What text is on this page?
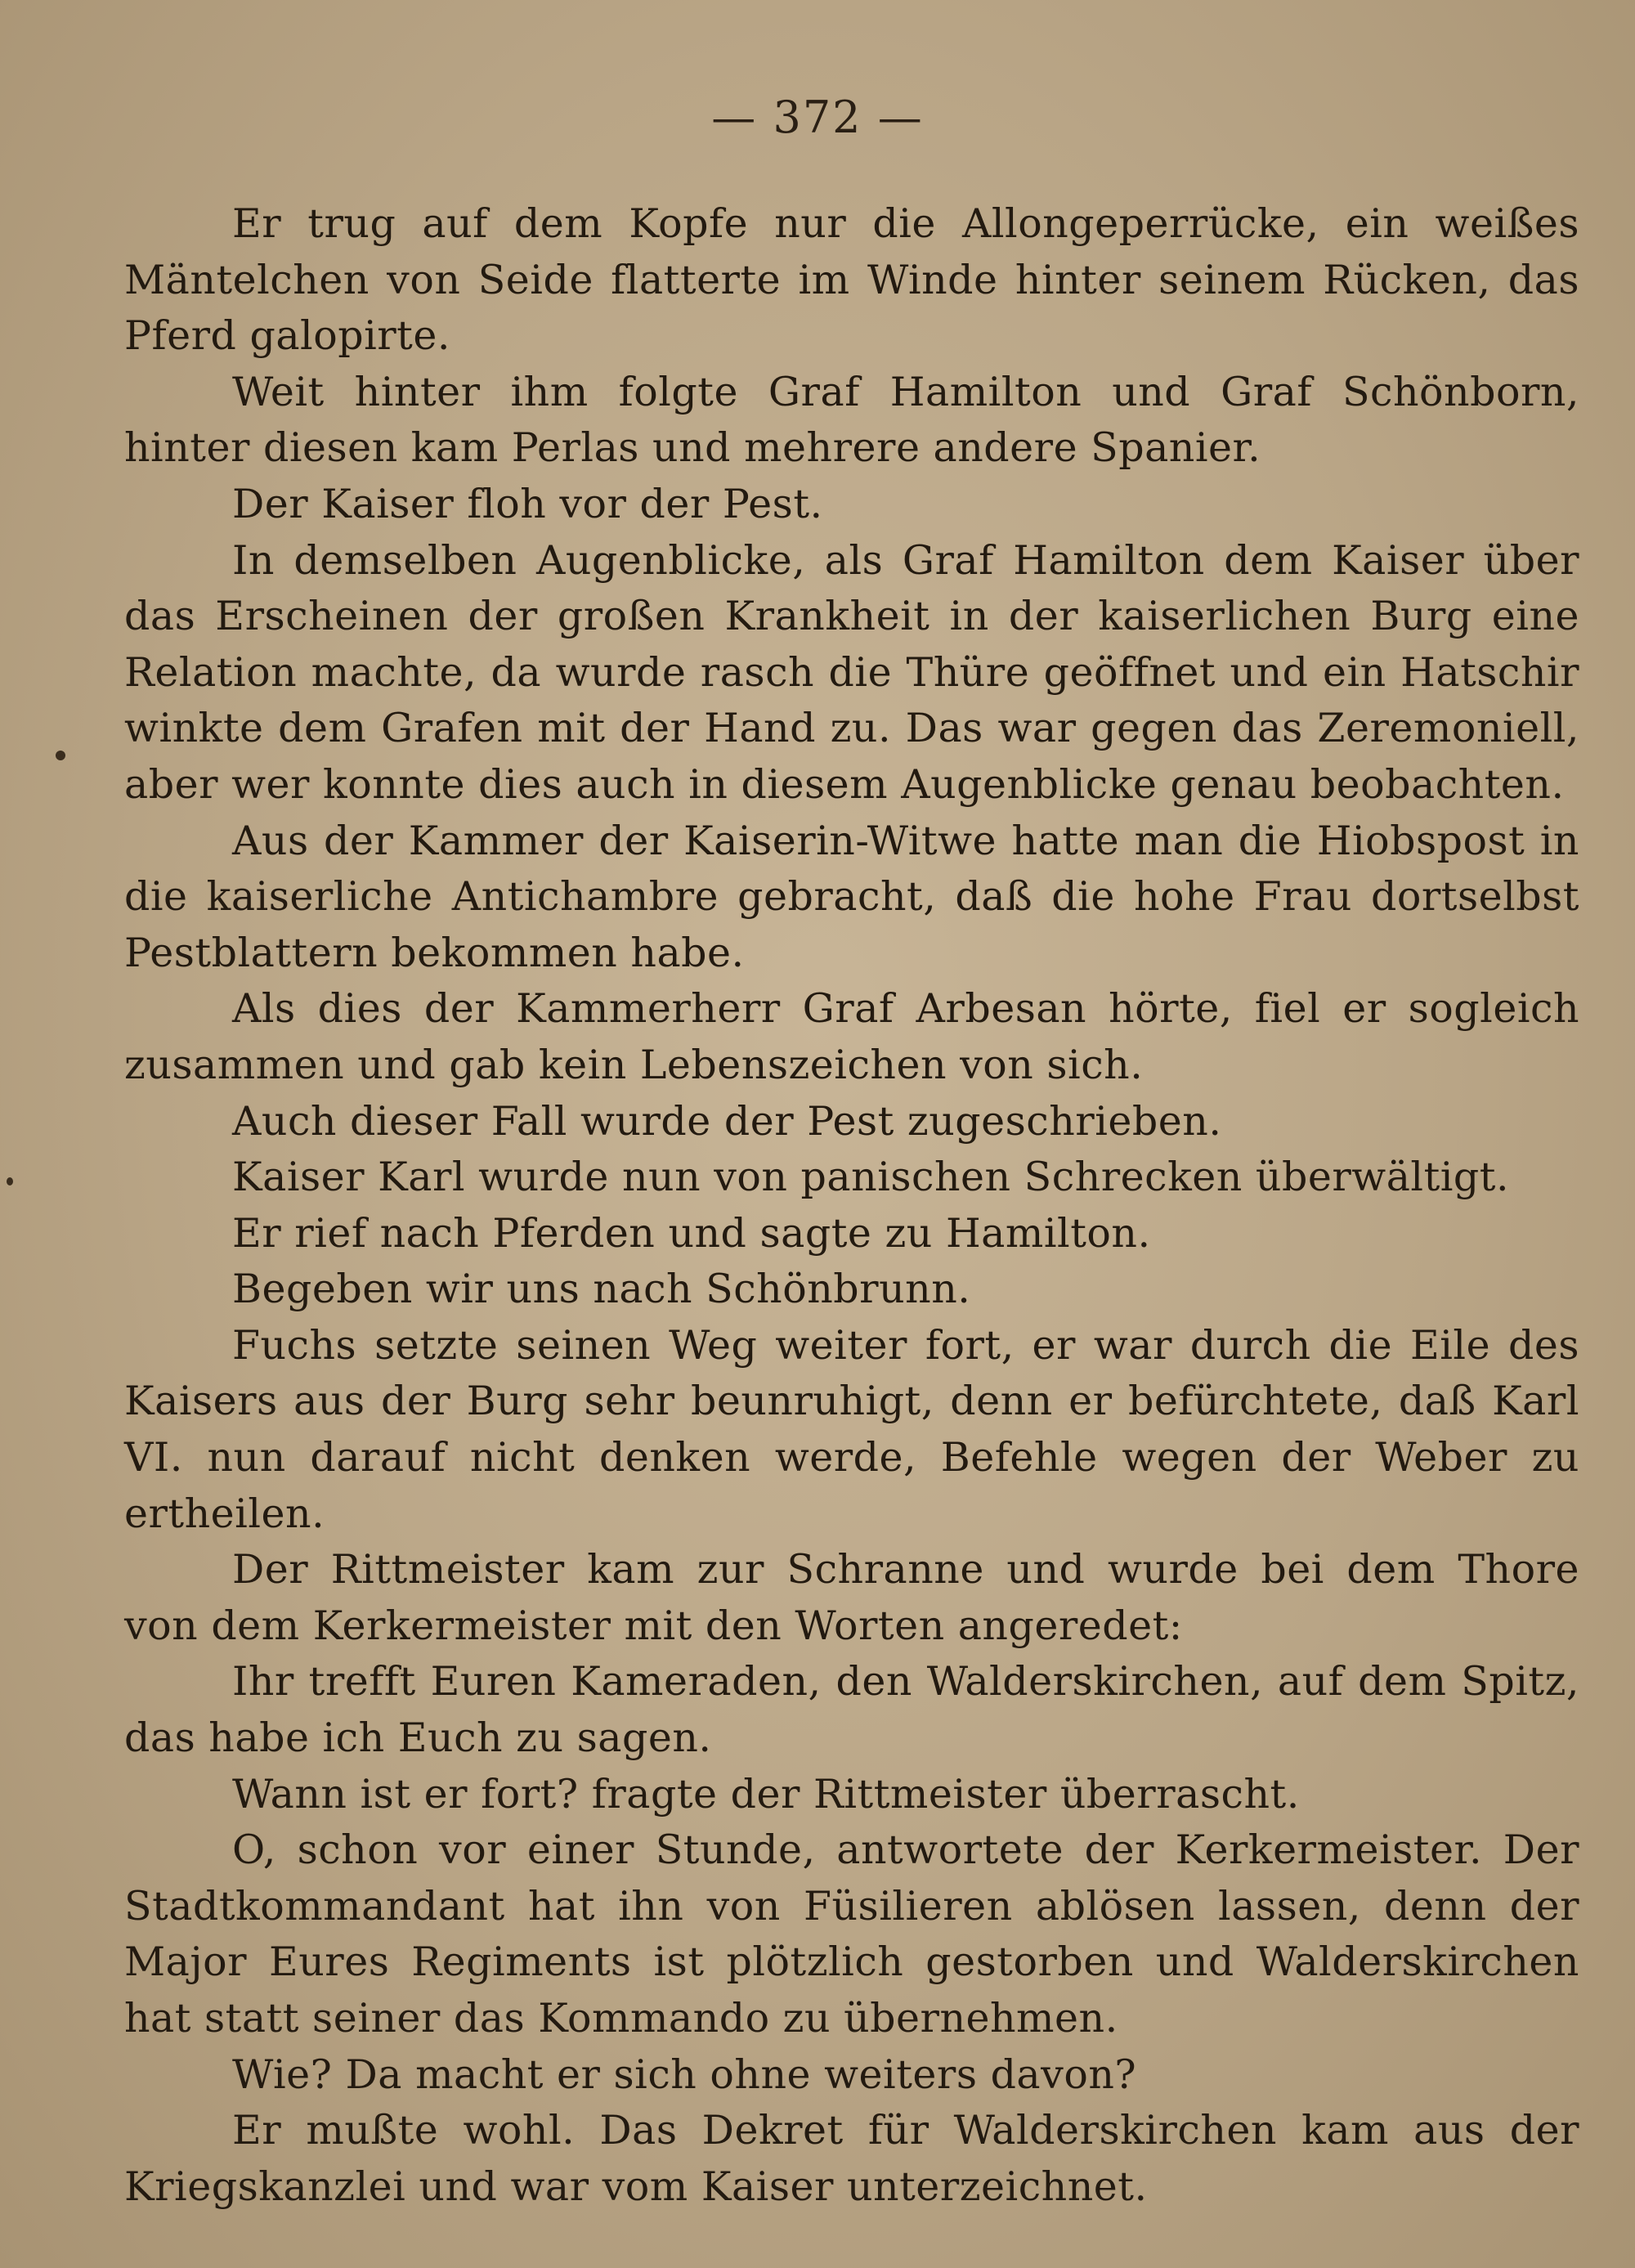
— 372 —

Er trug auf dem Kopfe nur die Allongeperrücke, ein weißes Mäntelchen von Seide flatterte im Winde hinter seinem Rücken, das Pferd galopirte.

Weit hinter ihm folgte Graf Hamilton und Graf Schönborn, hinter diesen kam Perlas und mehrere andere Spanier.

Der Kaiser floh vor der Pest.

In demselben Augenblicke, als Graf Hamilton dem Kaiser über das Erscheinen der großen Krankheit in der kaiserlichen Burg eine Relation machte, da wurde rasch die Thüre geöffnet und ein Hatschir winkte dem Grafen mit der Hand zu. Das war gegen das Zeremoniell, aber wer konnte dies auch in diesem Augenblicke genau beobachten.

Aus der Kammer der Kaiserin-Witwe hatte man die Hiobspost in die kaiserliche Antichambre gebracht, daß die hohe Frau dortselbst Pestblattern bekommen habe.

Als dies der Kammerherr Graf Arbesan hörte, fiel er sogleich zusammen und gab kein Lebenszeichen von sich.

Auch dieser Fall wurde der Pest zugeschrieben.

Kaiser Karl wurde nun von panischen Schrecken überwältigt.

Er rief nach Pferden und sagte zu Hamilton.

Begeben wir uns nach Schönbrunn.

Fuchs setzte seinen Weg weiter fort, er war durch die Eile des Kaisers aus der Burg sehr beunruhigt, denn er befürchtete, daß Karl VI. nun darauf nicht denken werde, Befehle wegen der Weber zu ertheilen.

Der Rittmeister kam zur Schranne und wurde bei dem Thore von dem Kerkermeister mit den Worten angeredet:

Ihr trefft Euren Kameraden, den Walderskirchen, auf dem Spitz, das habe ich Euch zu sagen.

Wann ist er fort? fragte der Rittmeister überrascht.

O, schon vor einer Stunde, antwortete der Kerkermeister. Der Stadtkommandant hat ihn von Füsilieren ablösen lassen, denn der Major Eures Regiments ist plötzlich gestorben und Walderskirchen hat statt seiner das Kommando zu übernehmen.

Wie? Da macht er sich ohne weiters davon?

Er mußte wohl. Das Dekret für Walderskirchen kam aus der Kriegskanzlei und war vom Kaiser unterzeichnet.
